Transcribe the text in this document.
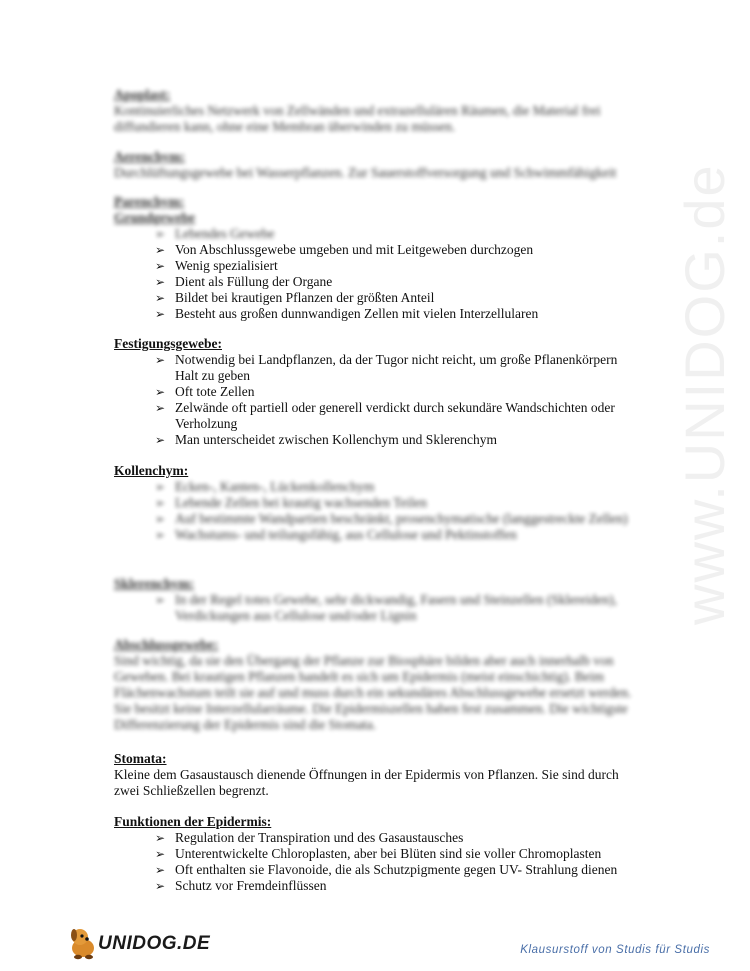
www.UNIDOG.de
Apoplast:
Kontinuierliches Netzwerk von Zellwänden und extrazellulären Räumen, die Material frei diffundieren kann, ohne eine Membran überwinden zu müssen.
Aerenchym:
Durchlüftungsgewebe bei Wasserpflanzen. Zur Sauerstoffversorgung und Schwimmfähigkeit
Parenchym:
Grundgewebe
➢ Lebendes Gewebe
➢ Von Abschlussgewebe umgeben und mit Leitgeweben durchzogen
➢ Wenig spezialisiert
➢ Dient als Füllung der Organe
➢ Bildet bei krautigen Pflanzen der größten Anteil
➢ Besteht aus großen dunnwandigen Zellen mit vielen Interzellularen
Festigungsgewebe:
➢ Notwendig bei Landpflanzen, da der Tugor nicht reicht, um große Pflanenkörpern Halt zu geben
➢ Oft tote Zellen
➢ Zelwände oft partiell oder generell verdickt durch sekundäre Wandschichten oder Verholzung
➢ Man unterscheidet zwischen Kollenchym und Sklerenchym
Kollenchym:
➢ Ecken-, Kanten-, Lückenkollenchym
➢ Lebende Zellen bei krautig wachsenden Teilen
➢ Auf bestimmte Wandpartien beschränkt, prosenchymatische (langgestreckte Zellen)
➢ Wachstums- und teilungsfähig, aus Cellulose und Pektinstoffen
Sklerenchym:
➢ In der Regel totes Gewebe, sehr dickwandig, Fasern und Steinzellen (Sklereiden), Verdickungen aus Cellulose und/oder Lignin
Abschlussgewebe:
Sind wichtig, da sie den Übergang der Pflanze zur Biosphäre bilden aber auch innerhalb von Geweben. Bei krautigen Pflanzen handelt es sich um Epidermis (meist einschichtig). Beim Flächenwachstum teilt sie auf und muss durch ein sekundäres Abschlussgewebe ersetzt werden. Sie besitzt keine Interzellularräume. Die Epidermiszellen haben fest zusammen. Die wichtigste Differenzierung der Epidermis sind die Stomata.
Stomata:
Kleine dem Gasaustausch dienende Öffnungen in der Epidermis von Pflanzen. Sie sind durch zwei Schließzellen begrenzt.
Funktionen der Epidermis:
➢ Regulation der Transpiration und des Gasaustausches
➢ Unterentwickelte Chloroplasten, aber bei Blüten sind sie voller Chromoplasten
➢ Oft enthalten sie Flavonoide, die als Schutzpigmente gegen UV- Strahlung dienen
➢ Schutz vor Fremdeinflüssen
UNIDOG.DE	Klausurstoff von Studis für Studis
